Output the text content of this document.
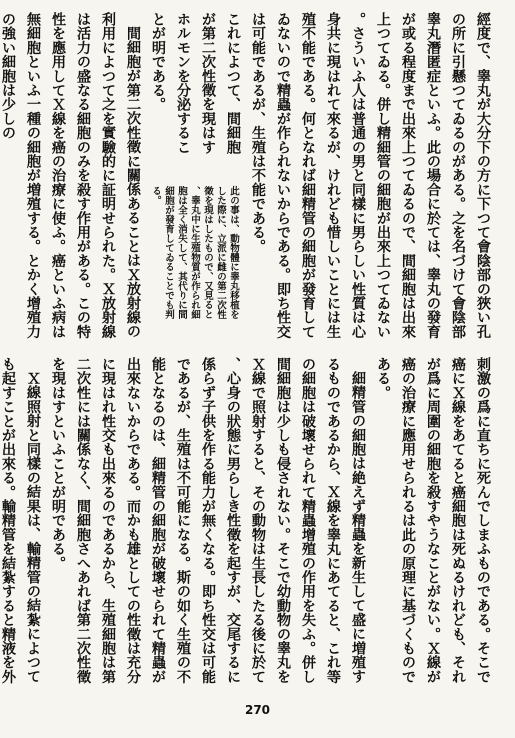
經度で、睾丸が大分下の方に下つて會陰部の狹い孔の所に引懸つてゐるのがある。之を名づけて會陰部睾丸潛匿症といふ。此の場合に於ては、睾丸の發育が或る程度まで出來上つてゐるので、間細胞は出來上つてゐる。併し精細管の細胞が出來上つてゐない。さういふ人は普通の男と同樣に男らしい性質は心身共に現はれて來るが、けれども惜しいことには生殖不能である。何となれば細精管の細胞が發育してゐないので精蟲が作られないからである。即ち性交は可能であるが、生殖は不能である。

これによつて、間細胞が第二次性徵を現はすホルモンを分泌することが明である。

間細胞が第二次性徵に關係あることはＸ放射線の利用によつて之を實驗的に証明せられた。Ｘ放射線は活力の盛なる細胞のみを殺す作用がある。この特性を應用してＸ線を癌の治療に使ふ。癌といふ病は無細胞といふ一種の細胞が増殖する。とかく增殖力の強い細胞は少しの

此の事は、動物體に睾丸移植をした際に、立派に雌の第二次性徵を現はしたもので、又見ると、睾丸中に生殖物質が作られ細胞は全く消失して、其代りに間細胞が發育してゐることでも判る。

刺激の爲に直ちに死んでしまふものである。そこで癌にＸ線をあてると癌細胞は死ぬるけれども、それが爲に周圍の細胞を殺すやうなことがない。Ｘ線が癌の治療に應用せられるは此の原理に基づくものである。

細精管の細胞は絶えず精蟲を新生して盛に増殖するものであるから、Ｘ線を睾丸にあてると、これ等の細胞は破壞せられて精蟲增殖の作用を失ふ。併し間細胞は少しも侵されない。そこで幼動物の睾丸をＸ線で照射すると、その動物は生長したる後に於て、心身の狀態に男らしき性徵を起すが、交尾するに係らず子供を作る能力が無くなる。即ち性交は可能であるが、生殖は不可能になる。斯の如く生殖の不能となるのは、細精管の細胞が破壞せられて精蟲が出來ないからである。而かも雄としての性徵は充分に現はれ性交も出來るのであるから、生殖細胞は第二次性には關係なく、間細胞さへあれば第二次性徵を現はすといふことが明である。

Ｘ線照射と同樣の結果は、輸精管の結紮によつても起すことが出來る。輸精管を結紮すると精液を外

270
